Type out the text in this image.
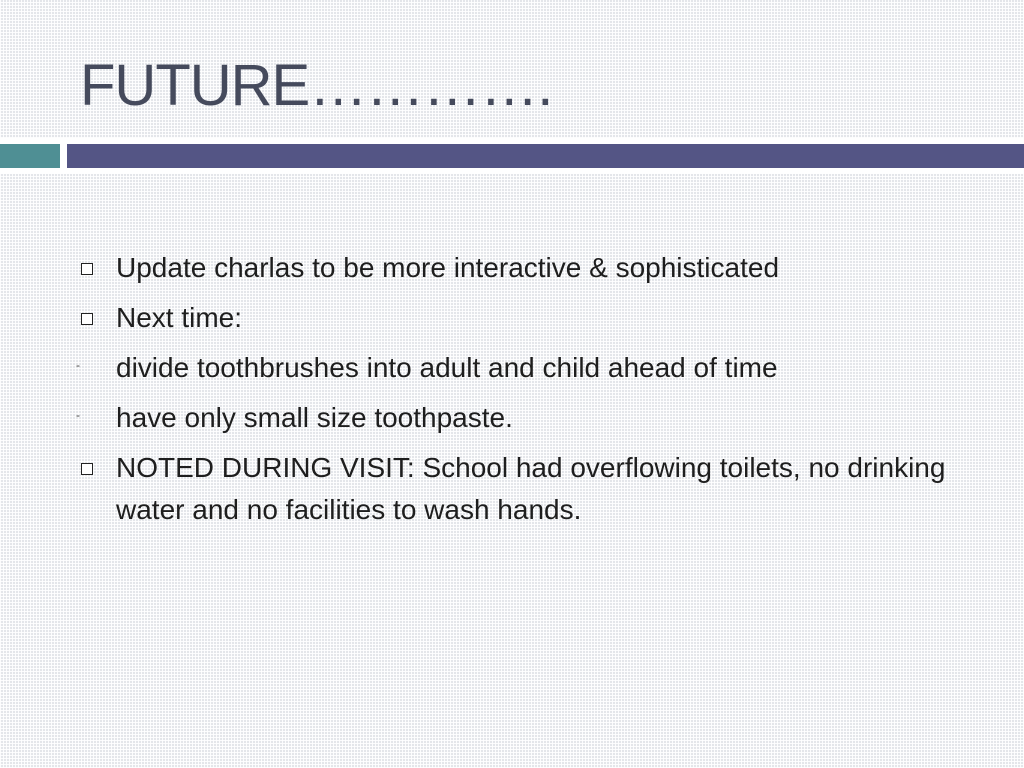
FUTURE………….
Update charlas to be more interactive & sophisticated
Next time:
- divide toothbrushes into adult and child ahead of time
- have only small size toothpaste.
NOTED DURING VISIT: School had overflowing toilets, no drinking water and no facilities to wash hands.
